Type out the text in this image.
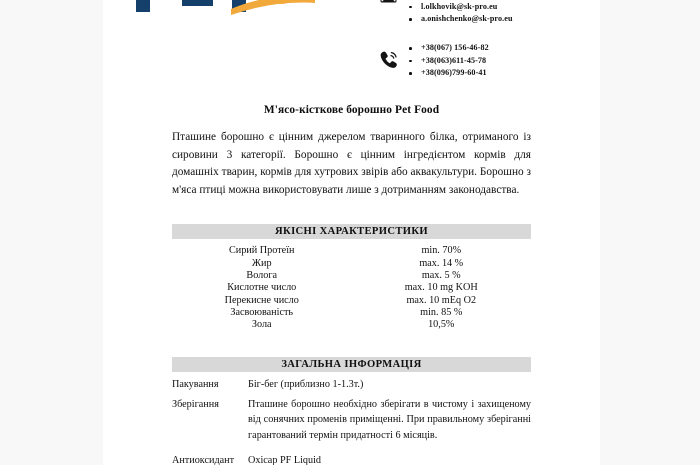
l.olkhovik@sk-pro.eu
a.onishchenko@sk-pro.eu
+38(067) 156-46-82
+38(063)611-45-78
+38(096)799-60-41
М'ясо-кісткове борошно Pet Food

Пташине борошно є цінним джерелом тваринного білка, отриманого із сировини 3 категорії. Борошно є цінним інгредієнтом кормів для домашніх тварин, кормів для хутрових звірів або аквакультури. Борошно з м'яса птиці можна використовувати лише з дотриманням законодавства.

ЯКІСНІ ХАРАКТЕРИСТИКИ
Сирий Протеїн	min. 70%
Жир	max. 14 %
Волога	max. 5 %
Кислотне число	max. 10 mg KOH
Перекисне число	max. 10 mEq O2
Засвоюваність	min. 85 %
Зола	10,5%
ЗАГАЛЬНА ІНФОРМАЦІЯ
Пакування	Біг-бег (приблизно 1-1.3т.)
Зберігання	Пташине борошно необхідно зберігати в чистому і захищеному від сонячних променів приміщенні. При правильному зберіганні гарантований термін придатності 6 місяців.
Антиоксидант	Oxicap PF Liquid
